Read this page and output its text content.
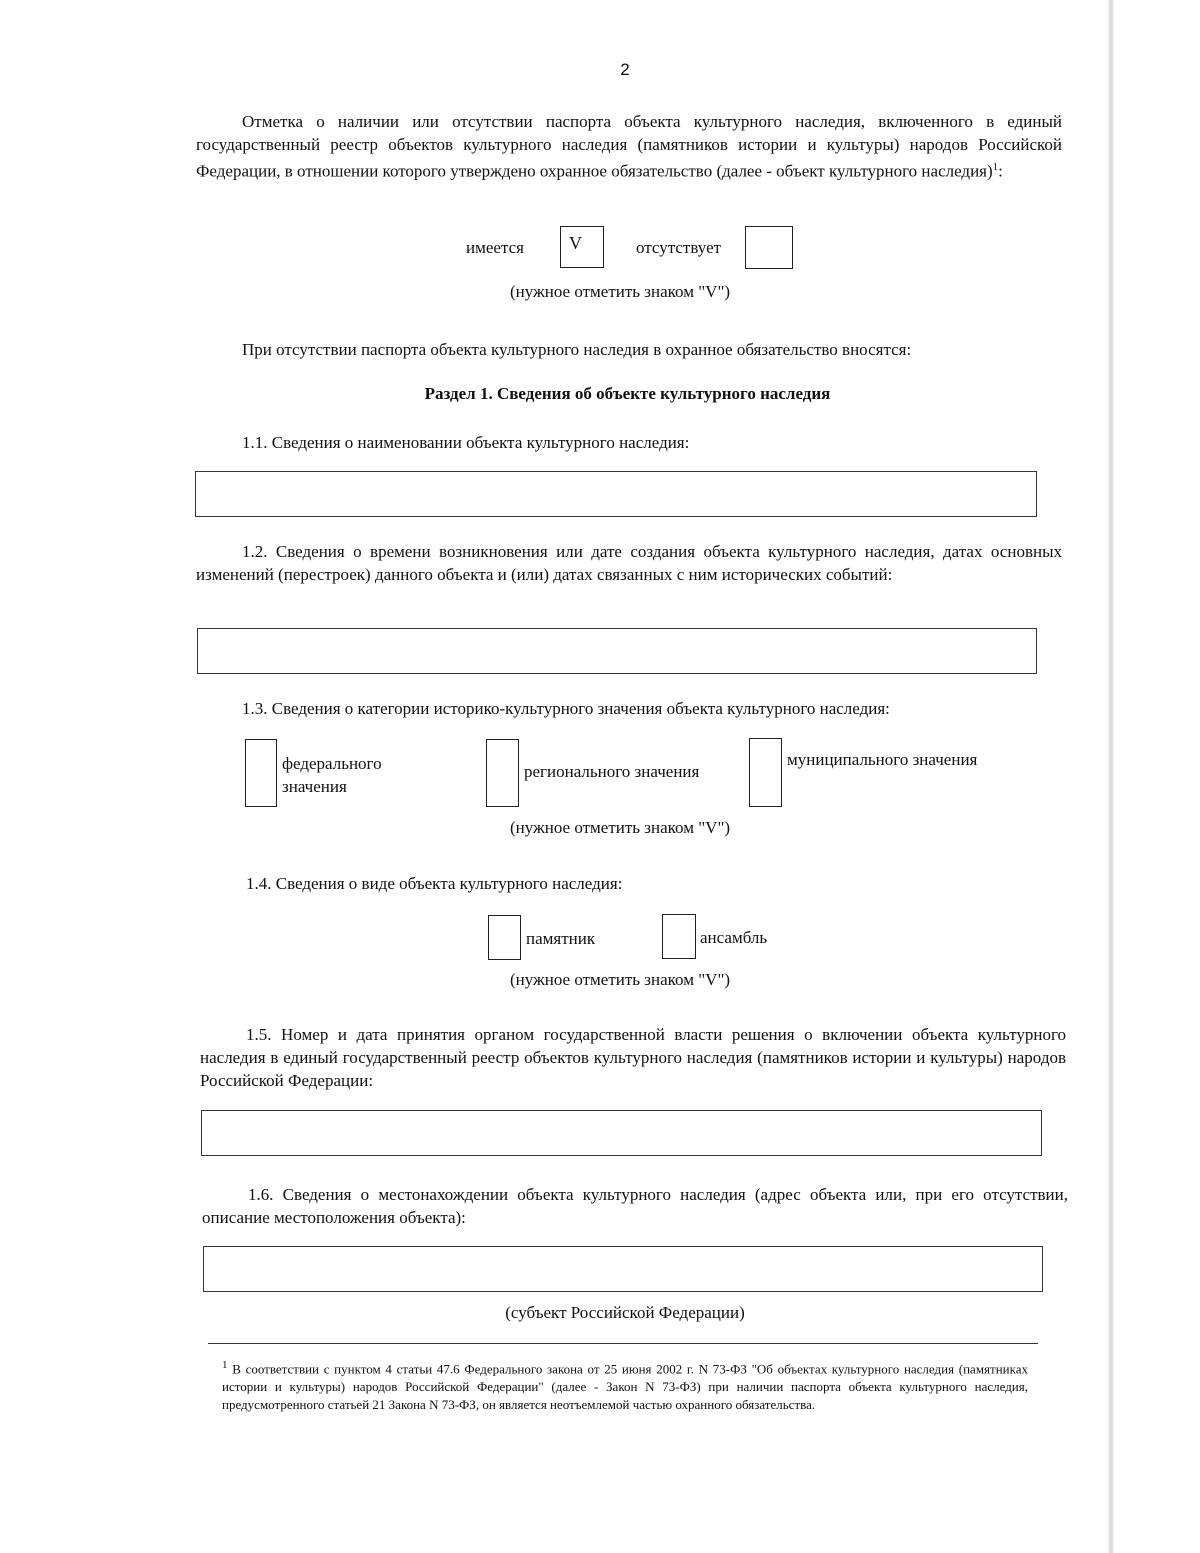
2

Отметка о наличии или отсутствии паспорта объекта культурного наследия, включенного в единый государственный реестр объектов культурного наследия (памятников истории и культуры) народов Российской Федерации, в отношении которого утверждено охранное обязательство (далее - объект культурного наследия)$^1$:

имеется	V	отсутствует
(нужное отметить знаком "V")

При отсутствии паспорта объекта культурного наследия в охранное обязательство вносятся:

Раздел 1. Сведения об объекте культурного наследия

1.1. Сведения о наименовании объекта культурного наследия:

1.2. Сведения о времени возникновения или дате создания объекта культурного наследия, датах основных изменений (перестроек) данного объекта и (или) датах связанных с ним исторических событий:

1.3. Сведения о категории историко-культурного значения объекта культурного наследия:

федерального
значения
регионального значения
муниципального значения
(нужное отметить знаком "V")

1.4. Сведения о виде объекта культурного наследия:

памятник	ансамбль
(нужное отметить знаком "V")

1.5. Номер и дата принятия органом государственной власти решения о включении объекта культурного наследия в единый государственный реестр объектов культурного наследия (памятников истории и культуры) народов Российской Федерации:

1.6. Сведения о местонахождении объекта культурного наследия (адрес объекта или, при его отсутствии, описание местоположения объекта):

(субъект Российской Федерации)

$^1$ В соответствии с пунктом 4 статьи 47.6 Федерального закона от 25 июня 2002 г. N 73-ФЗ "Об объектах культурного наследия (памятниках истории и культуры) народов Российской Федерации" (далее - Закон N 73-ФЗ) при наличии паспорта объекта культурного наследия, предусмотренного статьей 21 Закона N 73-ФЗ, он является неотъемлемой частью охранного обязательства.
